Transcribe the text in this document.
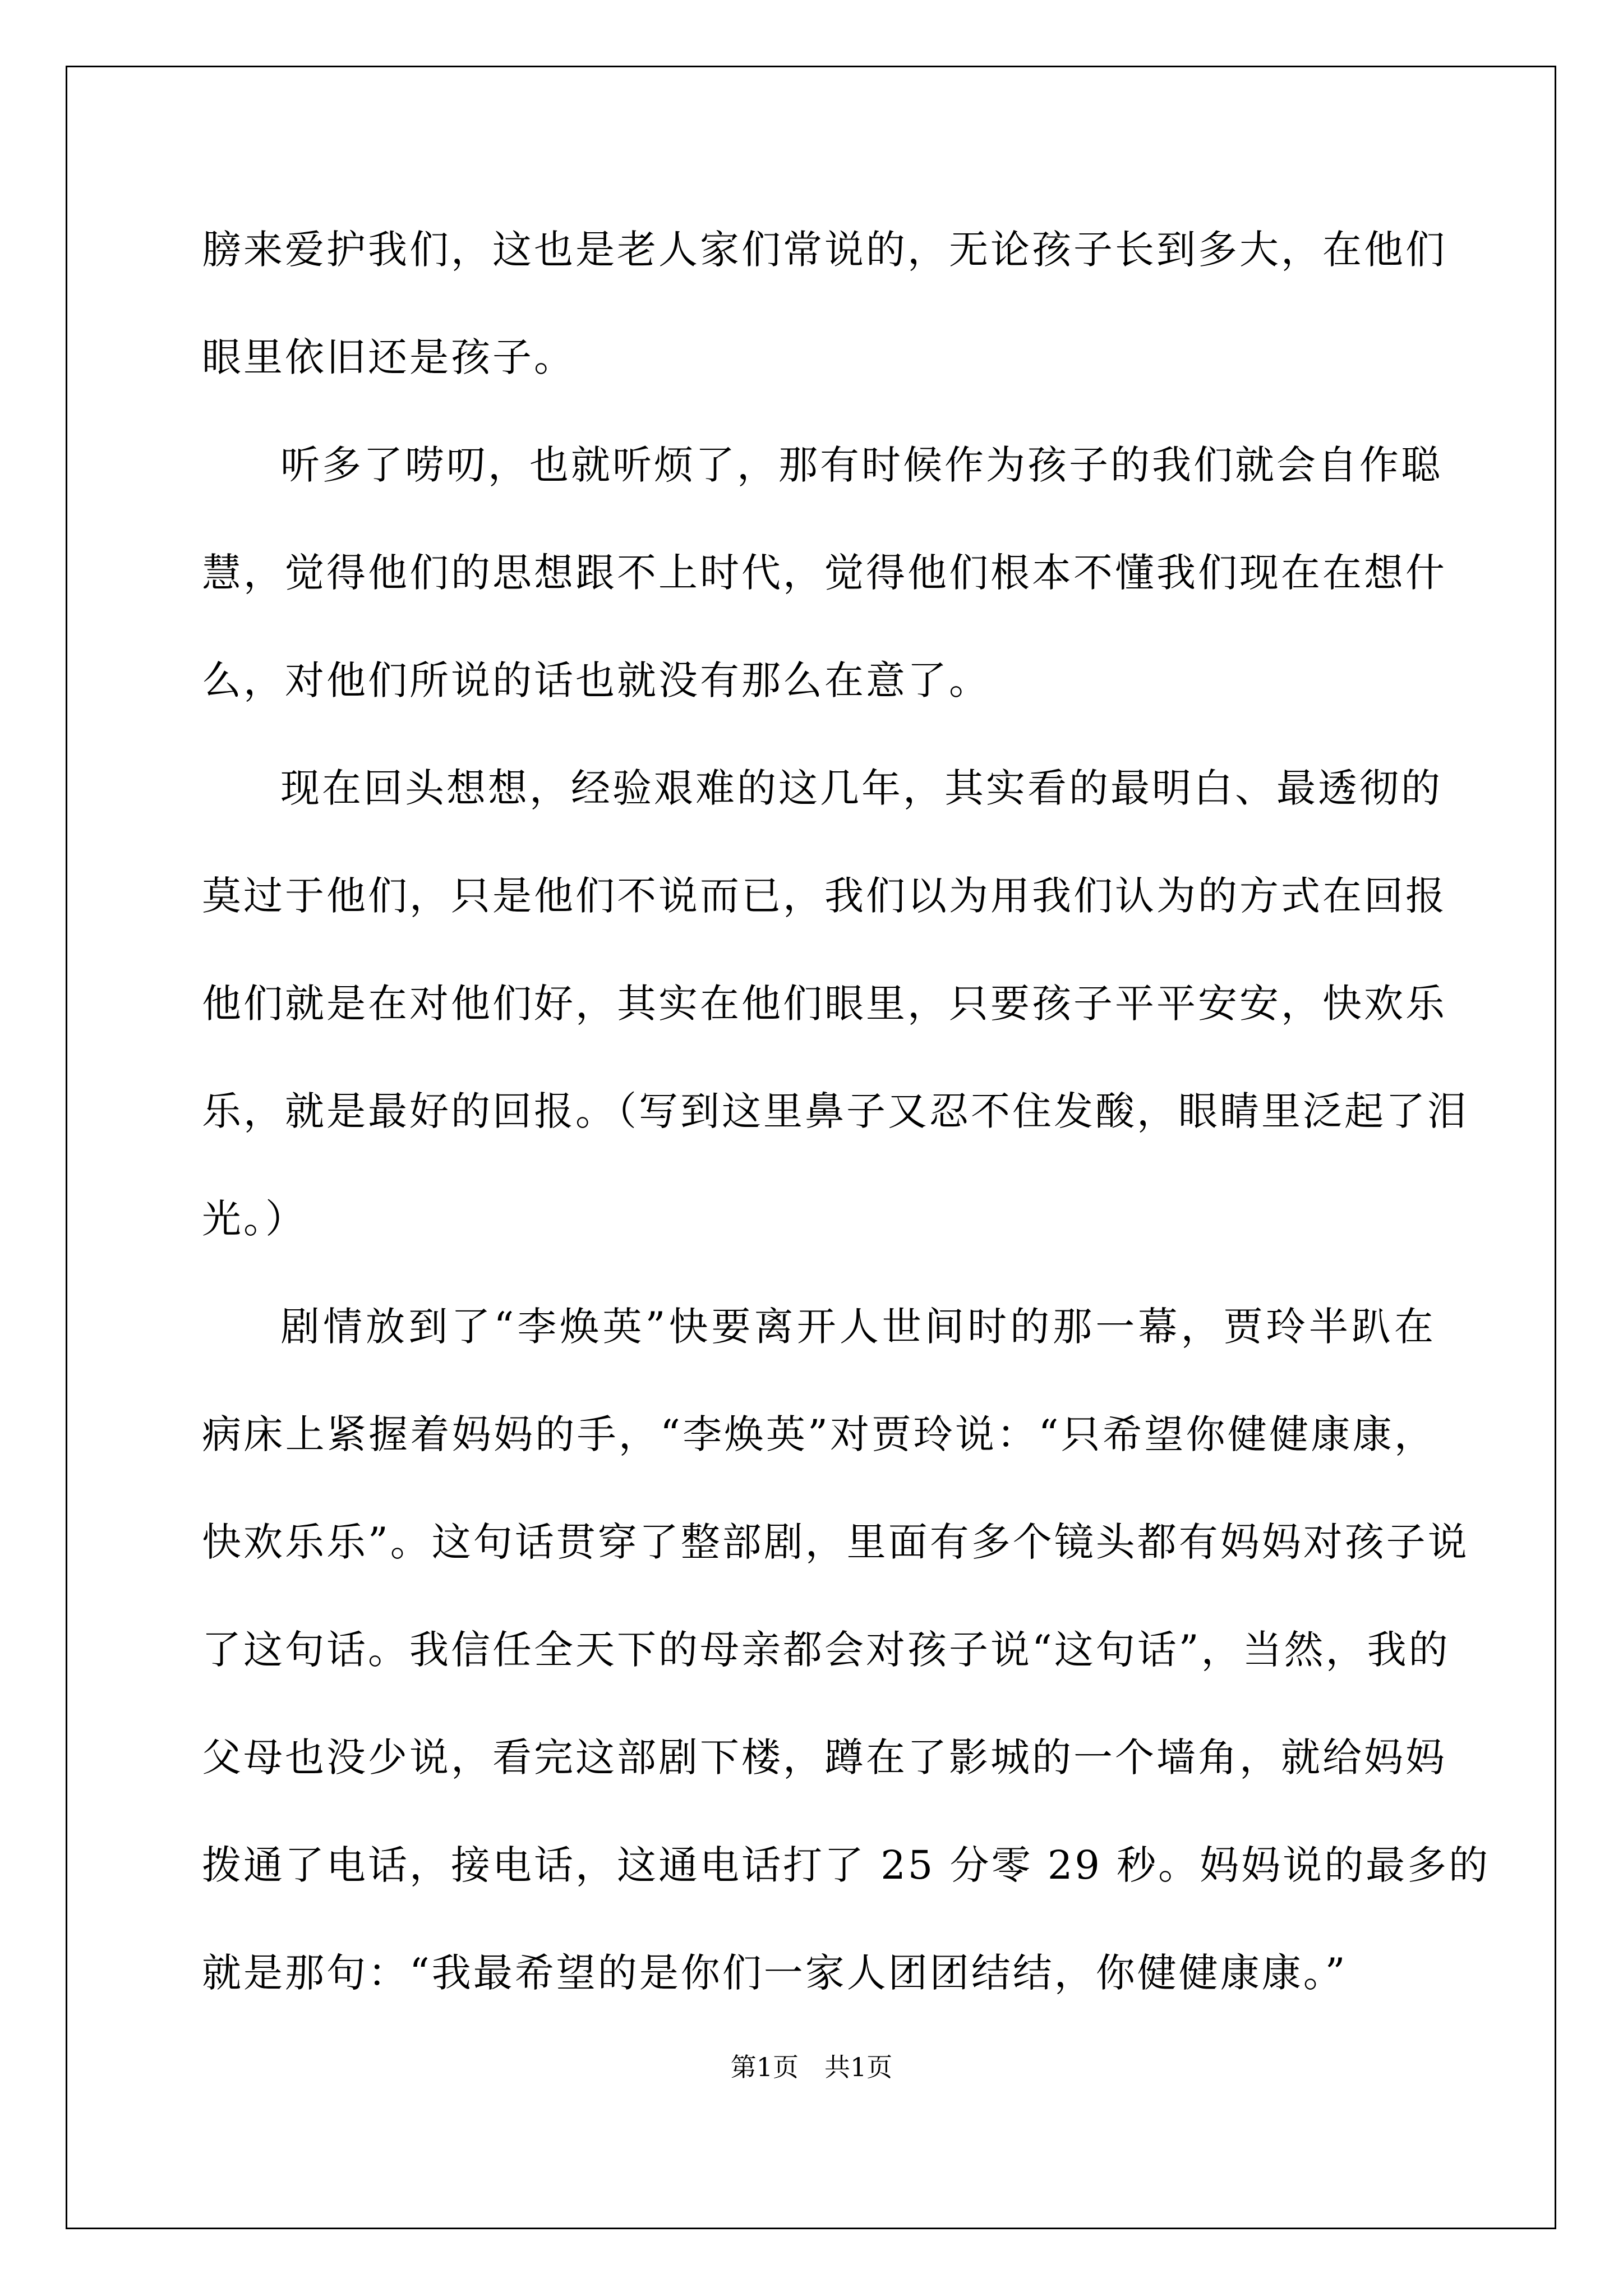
膀来爱护我们，这也是老人家们常说的，无论孩子长到多大，在他们
眼里依旧还是孩子。
听多了唠叨，也就听烦了，那有时候作为孩子的我们就会自作聪
慧，觉得他们的思想跟不上时代，觉得他们根本不懂我们现在在想什
么，对他们所说的话也就没有那么在意了。
现在回头想想，经验艰难的这几年，其实看的最明白、最透彻的
莫过于他们，只是他们不说而已，我们以为用我们认为的方式在回报
他们就是在对他们好，其实在他们眼里，只要孩子平平安安，快欢乐
乐，就是最好的回报。（写到这里鼻子又忍不住发酸，眼睛里泛起了泪
光。）
剧情放到了“李焕英”快要离开人世间时的那一幕，贾玲半趴在
病床上紧握着妈妈的手，“李焕英”对贾玲说：“只希望你健健康康，
快欢乐乐”。这句话贯穿了整部剧，里面有多个镜头都有妈妈对孩子说
了这句话。我信任全天下的母亲都会对孩子说“这句话”，当然，我的
父母也没少说，看完这部剧下楼，蹲在了影城的一个墙角，就给妈妈
拨通了电话，接电话，这通电话打了 25 分零 29 秒。妈妈说的最多的
就是那句：“我最希望的是你们一家人团团结结，你健健康康。”
第1页　共1页
